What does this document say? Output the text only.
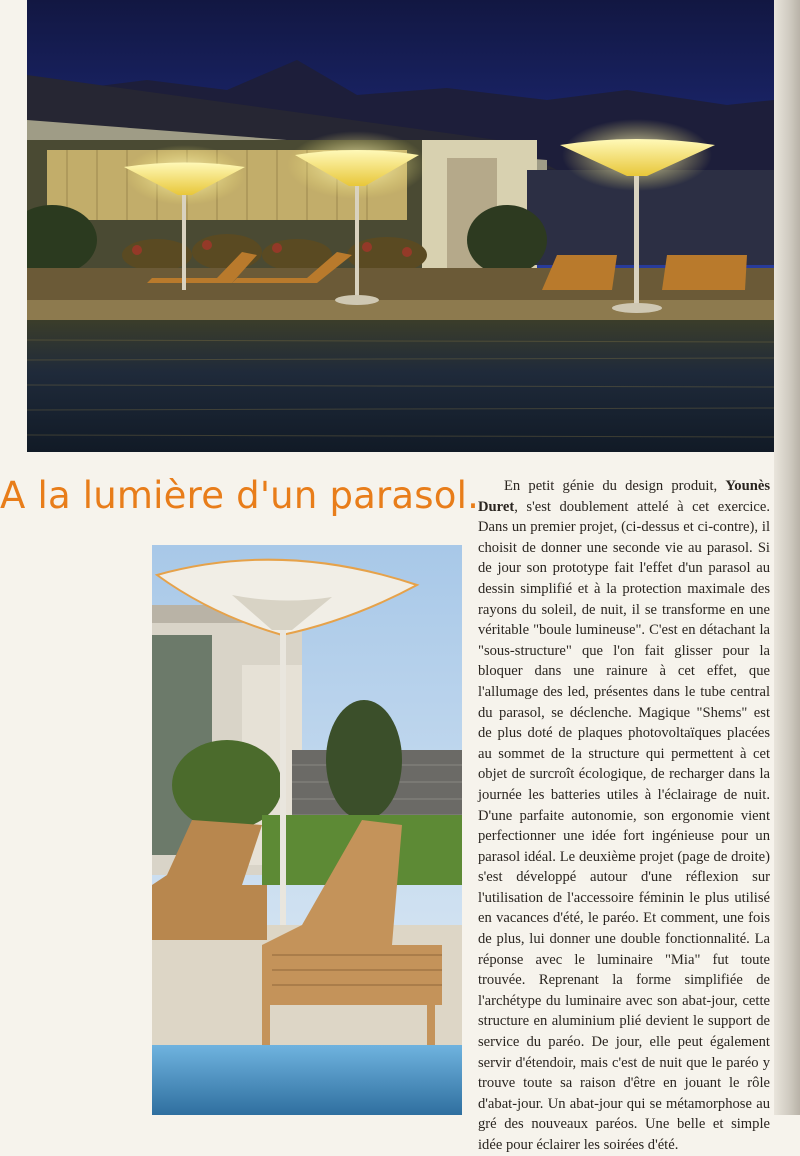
A la lumière d'un parasol.	En petit génie du design produit, Younès Duret, s'est doublement attelé à cet exercice. Dans un premier projet, (ci-dessus et ci-contre), il choisit de donner une seconde vie au parasol. Si de jour son prototype fait l'effet d'un parasol au dessin simplifié et à la protection maximale des rayons du soleil, de nuit, il se transforme en une véritable "boule lumineuse". C'est en détachant la "sous-structure" que l'on fait glisser pour la bloquer dans une rainure à cet effet, que l'allumage des led, présentes dans le tube central du parasol, se déclenche. Magique "Shems" est de plus doté de plaques photovoltaïques placées au sommet de la structure qui permettent à cet objet de surcroît écologique, de recharger dans la journée les batteries utiles à l'éclairage de nuit. D'une parfaite autonomie, son ergonomie vient perfectionner une idée fort ingénieuse pour un parasol idéal. Le deuxième projet (page de droite) s'est développé autour d'une réflexion sur l'utilisation de l'accessoire féminin le plus utilisé en vacances d'été, le paréo. Et comment, une fois de plus, lui donner une double fonctionnalité. La réponse avec le luminaire "Mia" fut toute trouvée. Reprenant la forme simplifiée de l'archétype du luminaire avec son abat-jour, cette structure en aluminium plié devient le support de service du paréo. De jour, elle peut également servir d'étendoir, mais c'est de nuit que le paréo y trouve toute sa raison d'être en jouant le rôle d'abat-jour. Un abat-jour qui se métamorphose au gré des nouveaux paréos. Une belle et simple idée pour éclairer les soirées d'été.
